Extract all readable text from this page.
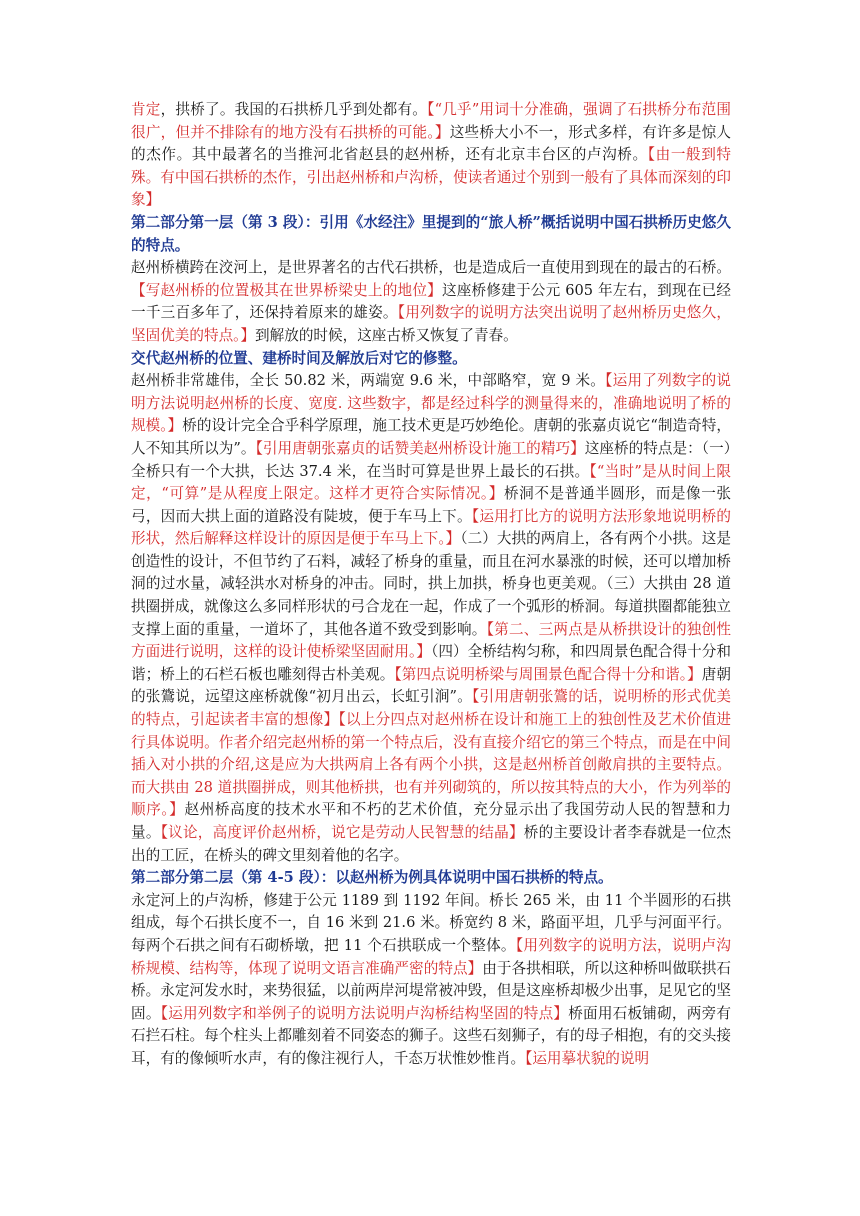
肯定，拱桥了。我国的石拱桥几乎到处都有。【“几乎”用词十分准确，强调了石拱桥分布范围很广，但并不排除有的地方没有石拱桥的可能。】这些桥大小不一，形式多样，有许多是惊人的杰作。其中最著名的当推河北省赵县的赵州桥，还有北京丰台区的卢沟桥。【由一般到特殊。有中国石拱桥的杰作，引出赵州桥和卢沟桥，使读者通过个别到一般有了具体而深刻的印象】

第二部分第一层（第 3 段）：引用《水经注》里提到的“旅人桥”概括说明中国石拱桥历史悠久的特点。

赵州桥横跨在洨河上，是世界著名的古代石拱桥，也是造成后一直使用到现在的最古的石桥。【写赵州桥的位置极其在世界桥梁史上的地位】这座桥修建于公元 605 年左右，到现在已经一千三百多年了，还保持着原来的雄姿。【用列数字的说明方法突出说明了赵州桥历史悠久，坚固优美的特点。】到解放的时候，这座古桥又恢复了青春。

交代赵州桥的位置、建桥时间及解放后对它的修整。

赵州桥非常雄伟，全长 50.82 米，两端宽 9.6 米，中部略窄，宽 9 米。【运用了列数字的说明方法说明赵州桥的长度、宽度. 这些数字，都是经过科学的测量得来的，准确地说明了桥的规模。】桥的设计完全合乎科学原理，施工技术更是巧妙绝伦。唐朝的张嘉贞说它“制造奇特，人不知其所以为”。【引用唐朝张嘉贞的话赞美赵州桥设计施工的精巧】这座桥的特点是：（一）全桥只有一个大拱，长达 37.4 米，在当时可算是世界上最长的石拱。【“当时”是从时间上限定，“可算”是从程度上限定。这样才更符合实际情况。】桥洞不是普通半圆形，而是像一张弓，因而大拱上面的道路没有陡坡，便于车马上下。【运用打比方的说明方法形象地说明桥的形状，然后解释这样设计的原因是便于车马上下。】（二）大拱的两肩上，各有两个小拱。这是创造性的设计，不但节约了石料，减轻了桥身的重量，而且在河水暴涨的时候，还可以增加桥洞的过水量，减轻洪水对桥身的冲击。同时，拱上加拱，桥身也更美观。（三）大拱由 28 道拱圈拼成，就像这么多同样形状的弓合龙在一起，作成了一个弧形的桥洞。每道拱圈都能独立支撑上面的重量，一道坏了，其他各道不致受到影响。【第二、三两点是从桥拱设计的独创性方面进行说明，这样的设计使桥梁坚固耐用。】（四）全桥结构匀称，和四周景色配合得十分和谐；桥上的石栏石板也雕刻得古朴美观。【第四点说明桥梁与周围景色配合得十分和谐。】唐朝的张鷟说，远望这座桥就像“初月出云，长虹引涧”。【引用唐朝张鷟的话，说明桥的形式优美的特点，引起读者丰富的想像】【以上分四点对赵州桥在设计和施工上的独创性及艺术价值进行具体说明。作者介绍完赵州桥的第一个特点后，没有直接介绍它的第三个特点，而是在中间插入对小拱的介绍,这是应为大拱两肩上各有两个小拱，这是赵州桥首创敞肩拱的主要特点。而大拱由 28 道拱圈拼成，则其他桥拱，也有并列砌筑的，所以按其特点的大小，作为列举的顺序。】赵州桥高度的技术水平和不朽的艺术价值，充分显示出了我国劳动人民的智慧和力量。【议论，高度评价赵州桥，说它是劳动人民智慧的结晶】桥的主要设计者李春就是一位杰出的工匠，在桥头的碑文里刻着他的名字。

第二部分第二层（第 4-5 段）：以赵州桥为例具体说明中国石拱桥的特点。

永定河上的卢沟桥，修建于公元 1189 到 1192 年间。桥长 265 米，由 11 个半圆形的石拱组成，每个石拱长度不一，自 16 米到 21.6 米。桥宽约 8 米，路面平坦，几乎与河面平行。每两个石拱之间有石砌桥墩，把 11 个石拱联成一个整体。【用列数字的说明方法，说明卢沟桥规模、结构等，体现了说明文语言准确严密的特点】由于各拱相联，所以这种桥叫做联拱石桥。永定河发水时，来势很猛，以前两岸河堤常被冲毁，但是这座桥却极少出事，足见它的坚固。【运用列数字和举例子的说明方法说明卢沟桥结构坚固的特点】桥面用石板铺砌，两旁有石拦石柱。每个柱头上都雕刻着不同姿态的狮子。这些石刻狮子，有的母子相抱，有的交头接耳，有的像倾听水声，有的像注视行人，千态万状惟妙惟肖。【运用摹状貌的说明
